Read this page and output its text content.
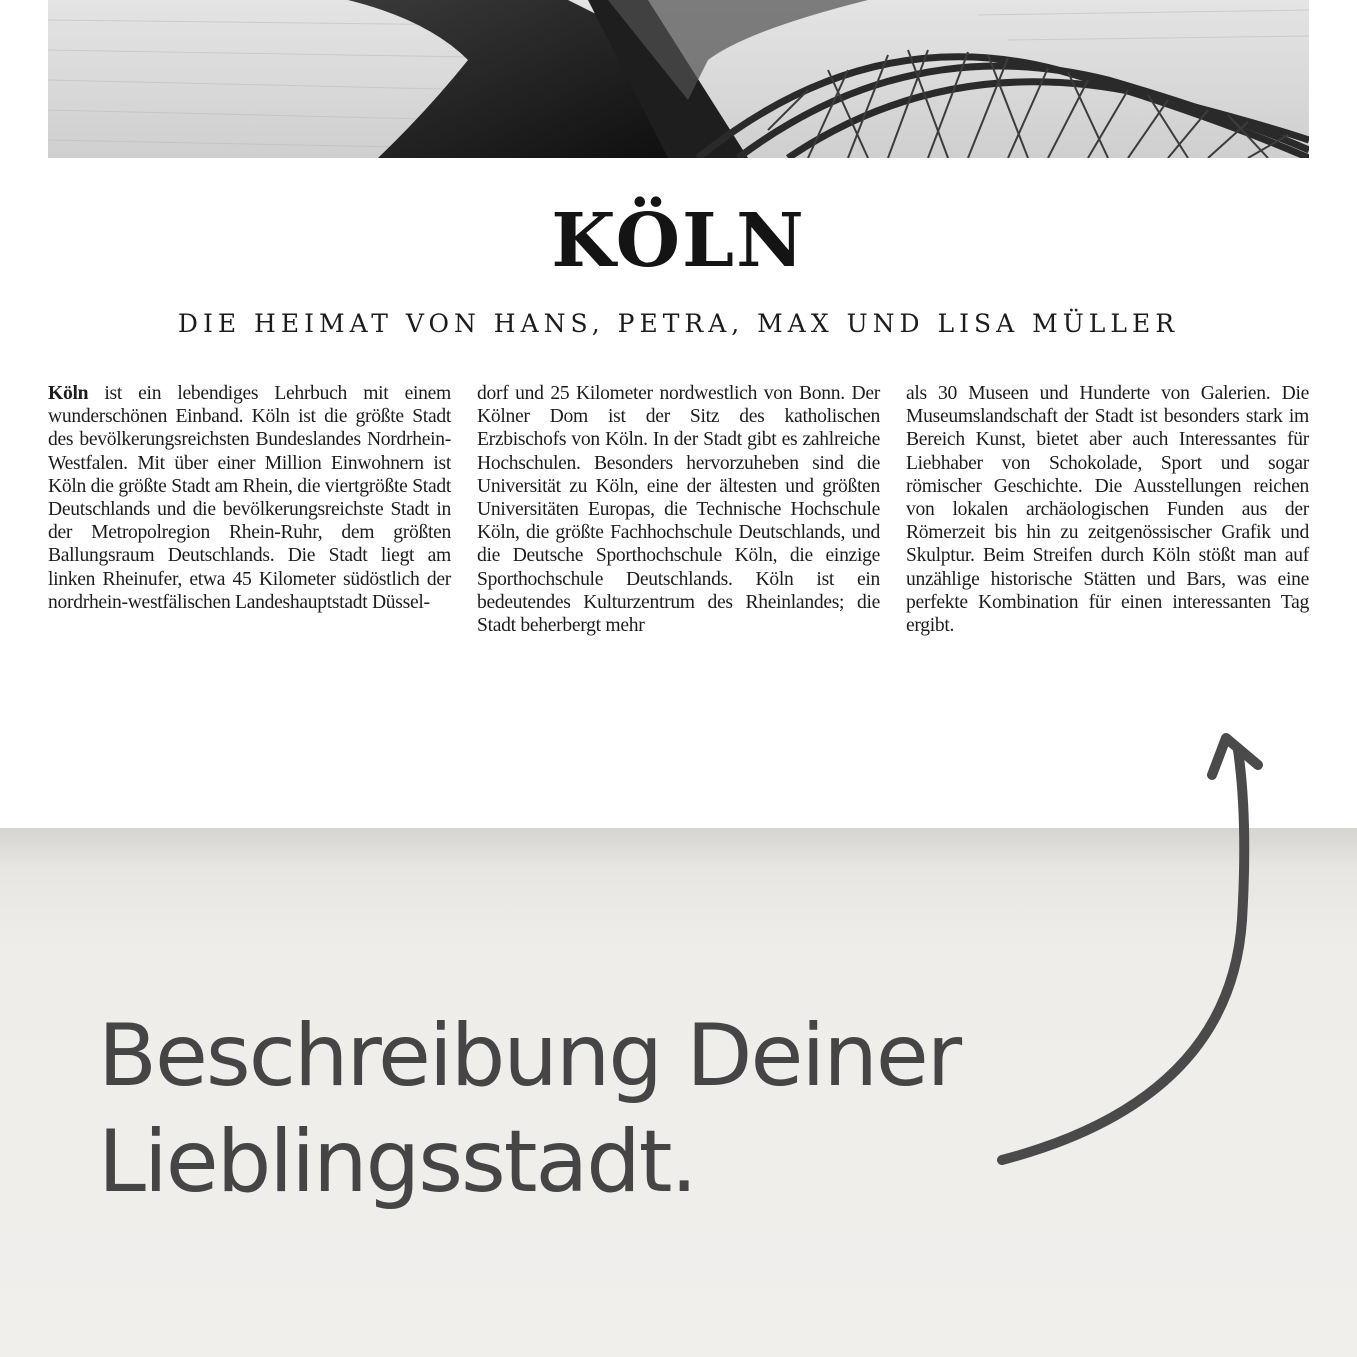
KÖLN

DIE HEIMAT VON HANS, PETRA, MAX UND LISA MÜLLER

Köln ist ein lebendiges Lehrbuch mit einem wunderschönen Einband. Köln ist die größte Stadt des bevölkerungsreichsten Bundeslandes Nordrhein-Westfalen. Mit über einer Million Einwohnern ist Köln die größte Stadt am Rhein, die viertgrößte Stadt Deutschlands und die bevölkerungsreichste Stadt in der Metropolregion Rhein-Ruhr, dem größten Ballungsraum Deutschlands. Die Stadt liegt am linken Rheinufer, etwa 45 Kilometer südöstlich der nordrhein-westfälischen Landeshauptstadt Düssel-
dorf und 25 Kilometer nordwestlich von Bonn. Der Kölner Dom ist der Sitz des katholischen Erzbischofs von Köln. In der Stadt gibt es zahlreiche Hochschulen. Besonders hervorzuheben sind die Universität zu Köln, eine der ältesten und größten Universitäten Europas, die Technische Hochschule Köln, die größte Fachhochschule Deutschlands, und die Deutsche Sporthochschule Köln, die einzige Sporthochschule Deutschlands. Köln ist ein bedeutendes Kulturzentrum des Rheinlandes; die Stadt beherbergt mehr
als 30 Museen und Hunderte von Galerien. Die Museumslandschaft der Stadt ist besonders stark im Bereich Kunst, bietet aber auch Interessantes für Liebhaber von Schokolade, Sport und sogar römischer Geschichte. Die Ausstellungen reichen von lokalen archäologischen Funden aus der Römerzeit bis hin zu zeitgenössischer Grafik und Skulptur. Beim Streifen durch Köln stößt man auf unzählige historische Stätten und Bars, was eine perfekte Kombination für einen interessanten Tag ergibt.
Beschreibung Deiner
Lieblingsstadt.
